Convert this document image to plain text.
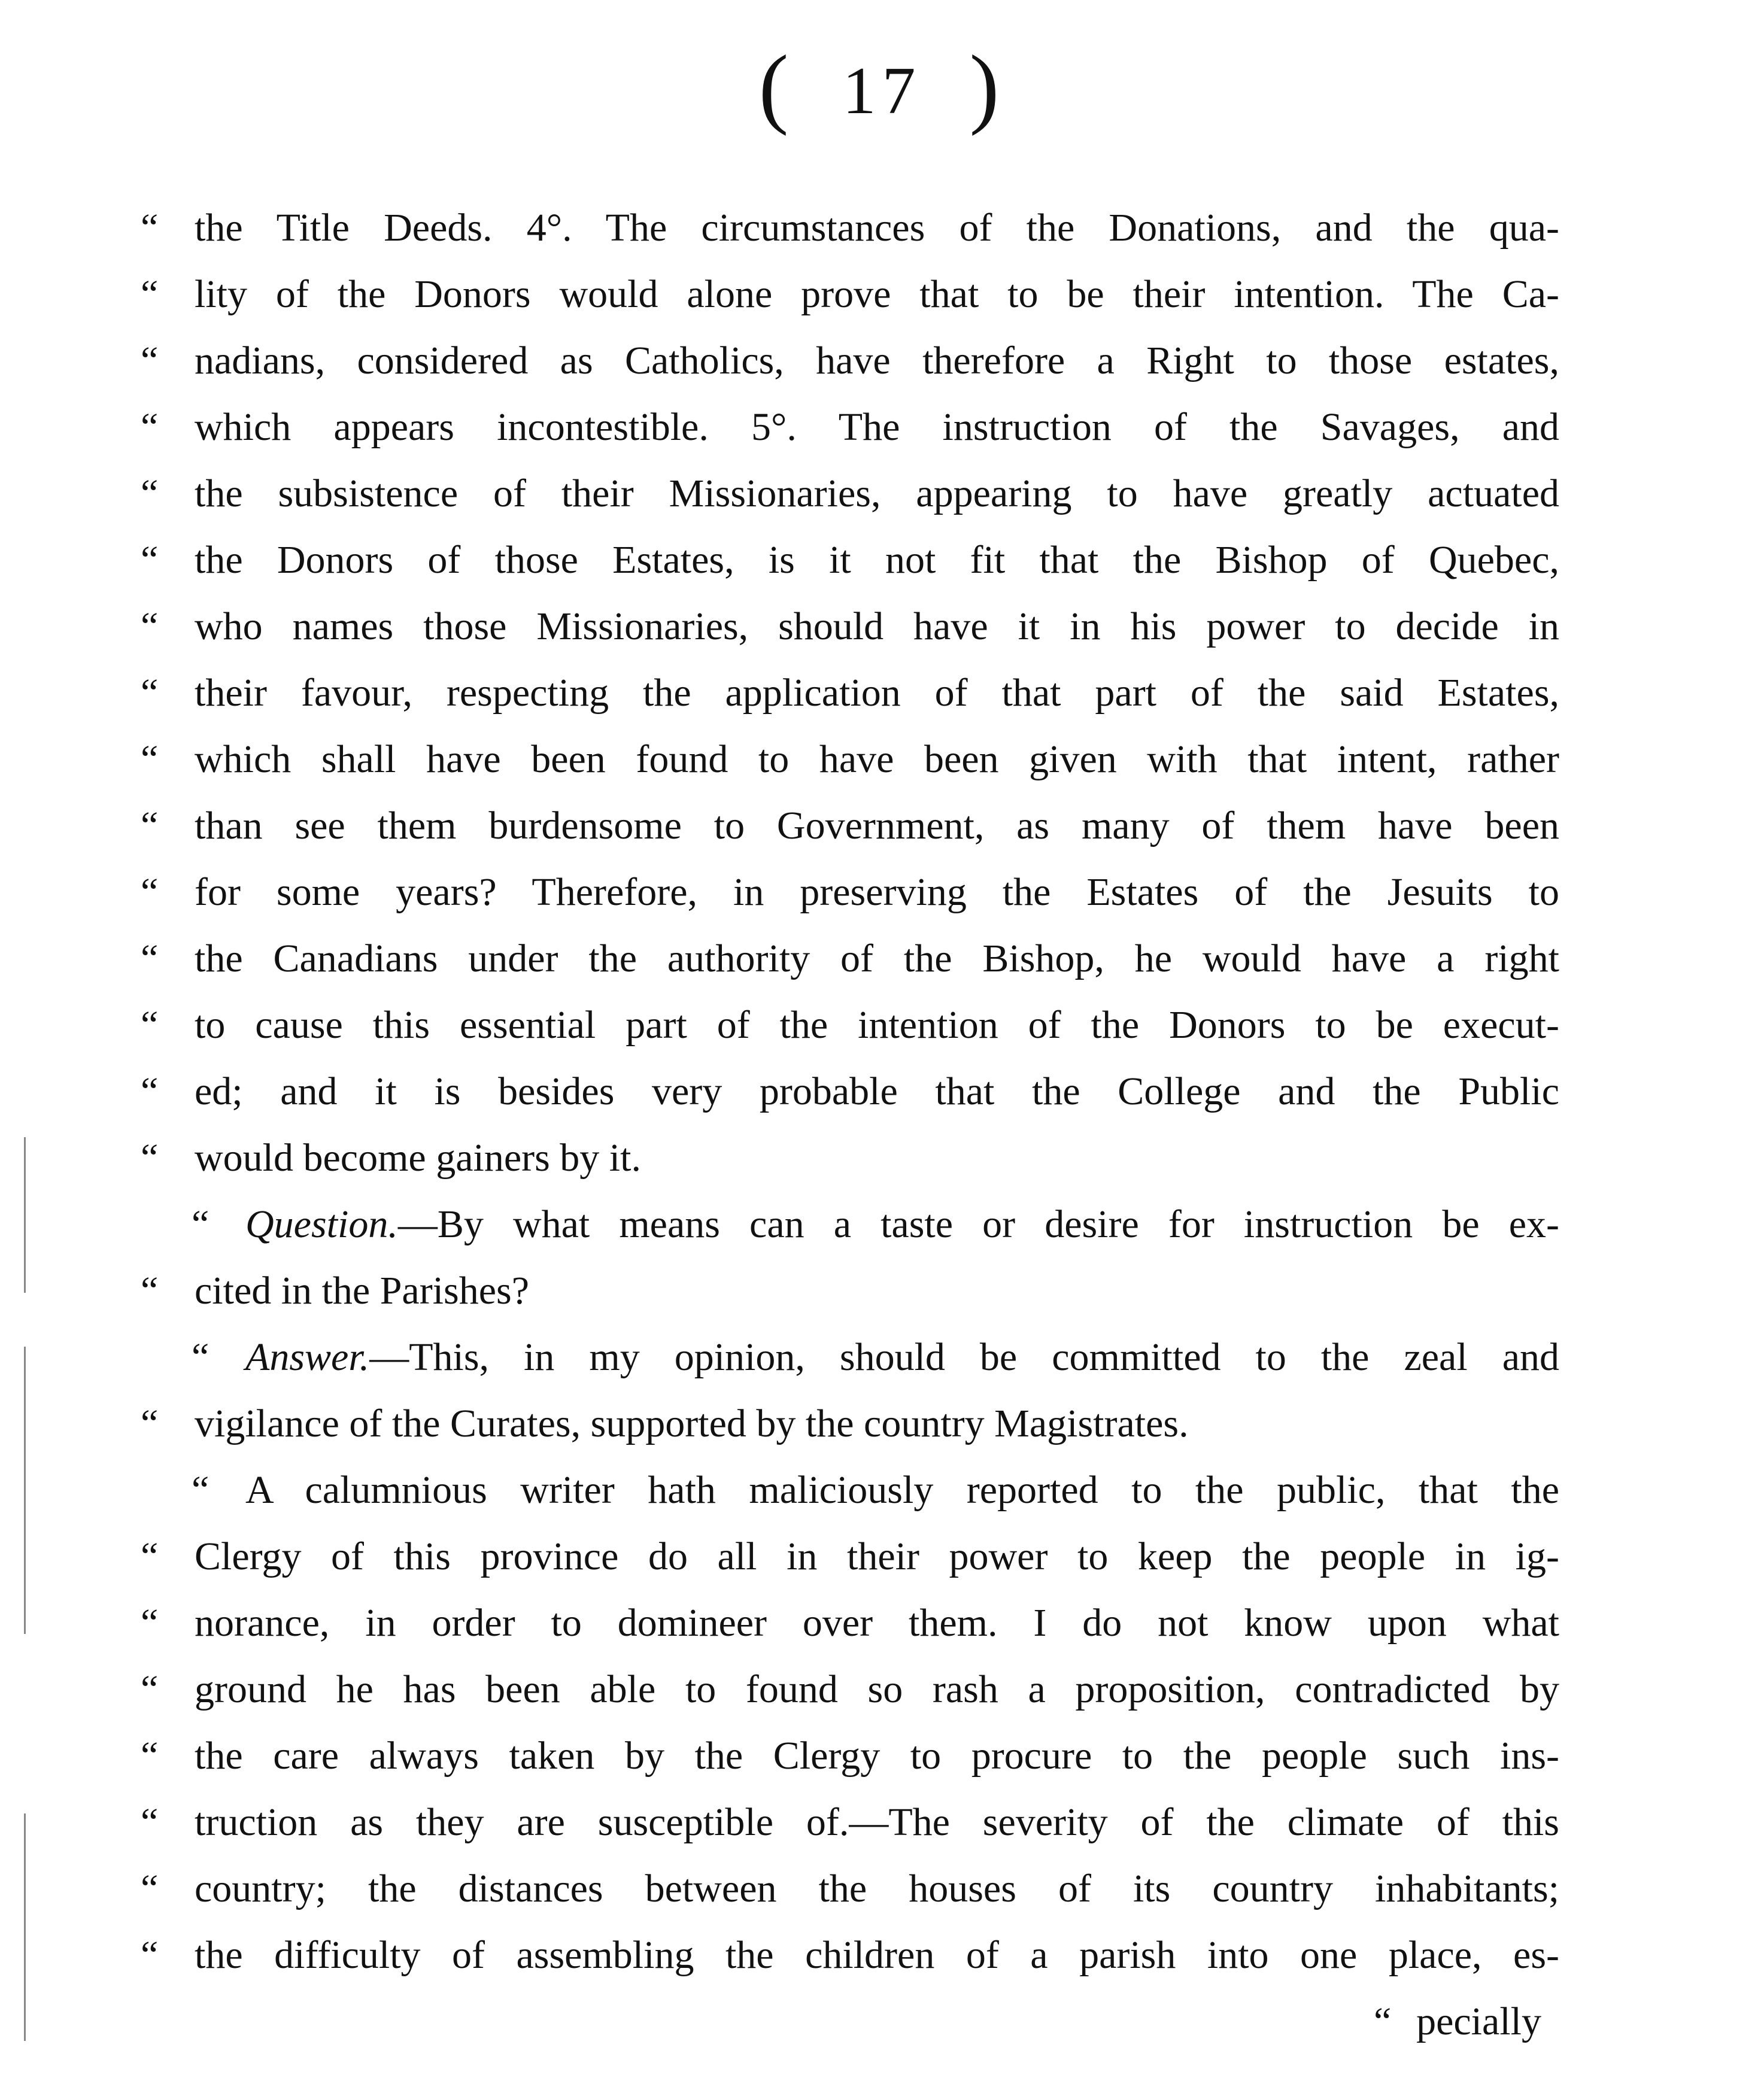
( 17 )
“ the Title Deeds. 4°. The circumstances of the Donations, and the qua-
“ lity of the Donors would alone prove that to be their intention. The Ca-
“ nadians, considered as Catholics, have therefore a Right to those estates,
“ which appears incontestible. 5°. The instruction of the Savages, and
“ the subsistence of their Missionaries, appearing to have greatly actuated
“ the Donors of those Estates, is it not fit that the Bishop of Quebec,
“ who names those Missionaries, should have it in his power to decide in
“ their favour, respecting the application of that part of the said Estates,
“ which shall have been found to have been given with that intent, rather
“ than see them burdensome to Government, as many of them have been
“ for some years? Therefore, in preserving the Estates of the Jesuits to
“ the Canadians under the authority of the Bishop, he would have a right
“ to cause this essential part of the intention of the Donors to be execut-
“ ed; and it is besides very probable that the College and the Public
“ would become gainers by it.
“ Question.—By what means can a taste or desire for instruction be ex-
“ cited in the Parishes?
“ Answer.—This, in my opinion, should be committed to the zeal and
“ vigilance of the Curates, supported by the country Magistrates.
“ A calumnious writer hath maliciously reported to the public, that the
“ Clergy of this province do all in their power to keep the people in ig-
“ norance, in order to domineer over them. I do not know upon what
“ ground he has been able to found so rash a proposition, contradicted by
“ the care always taken by the Clergy to procure to the people such ins-
“ truction as they are susceptible of.—The severity of the climate of this
“ country; the distances between the houses of its country inhabitants;
“ the difficulty of assembling the children of a parish into one place, es-
“ pecially
